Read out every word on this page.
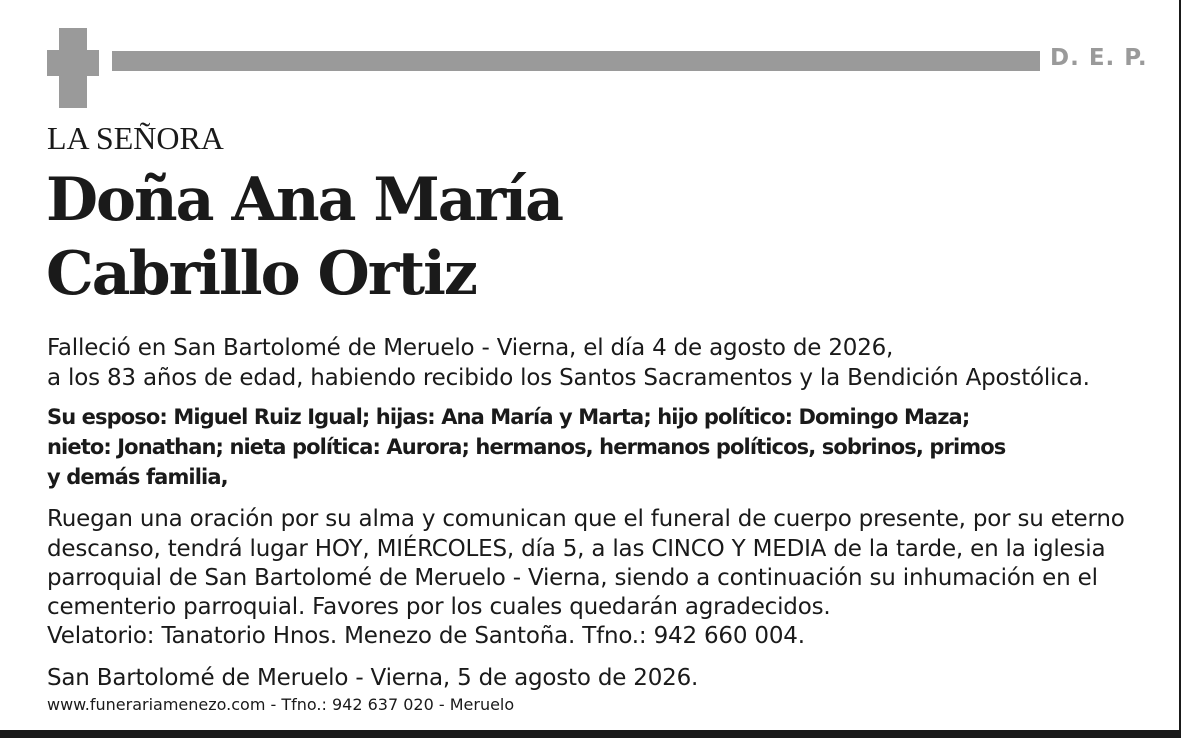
D. E. P.
LA SEÑORA
Doña Ana María
Cabrillo Ortiz
Falleció en San Bartolomé de Meruelo - Vierna, el día 4 de agosto de 2026,
a los 83 años de edad, habiendo recibido los Santos Sacramentos y la Bendición Apostólica.
Su esposo: Miguel Ruiz Igual; hijas: Ana María y Marta; hijo político: Domingo Maza;
nieto: Jonathan; nieta política: Aurora; hermanos, hermanos políticos, sobrinos, primos
y demás familia,
Ruegan una oración por su alma y comunican que el funeral de cuerpo presente, por su eterno
descanso, tendrá lugar HOY, MIÉRCOLES, día 5, a las CINCO Y MEDIA de la tarde, en la iglesia
parroquial de San Bartolomé de Meruelo - Vierna, siendo a continuación su inhumación en el
cementerio parroquial. Favores por los cuales quedarán agradecidos.
Velatorio: Tanatorio Hnos. Menezo de Santoña. Tfno.: 942 660 004.
San Bartolomé de Meruelo - Vierna, 5 de agosto de 2026.
www.funerariamenezo.com - Tfno.: 942 637 020 - Meruelo
